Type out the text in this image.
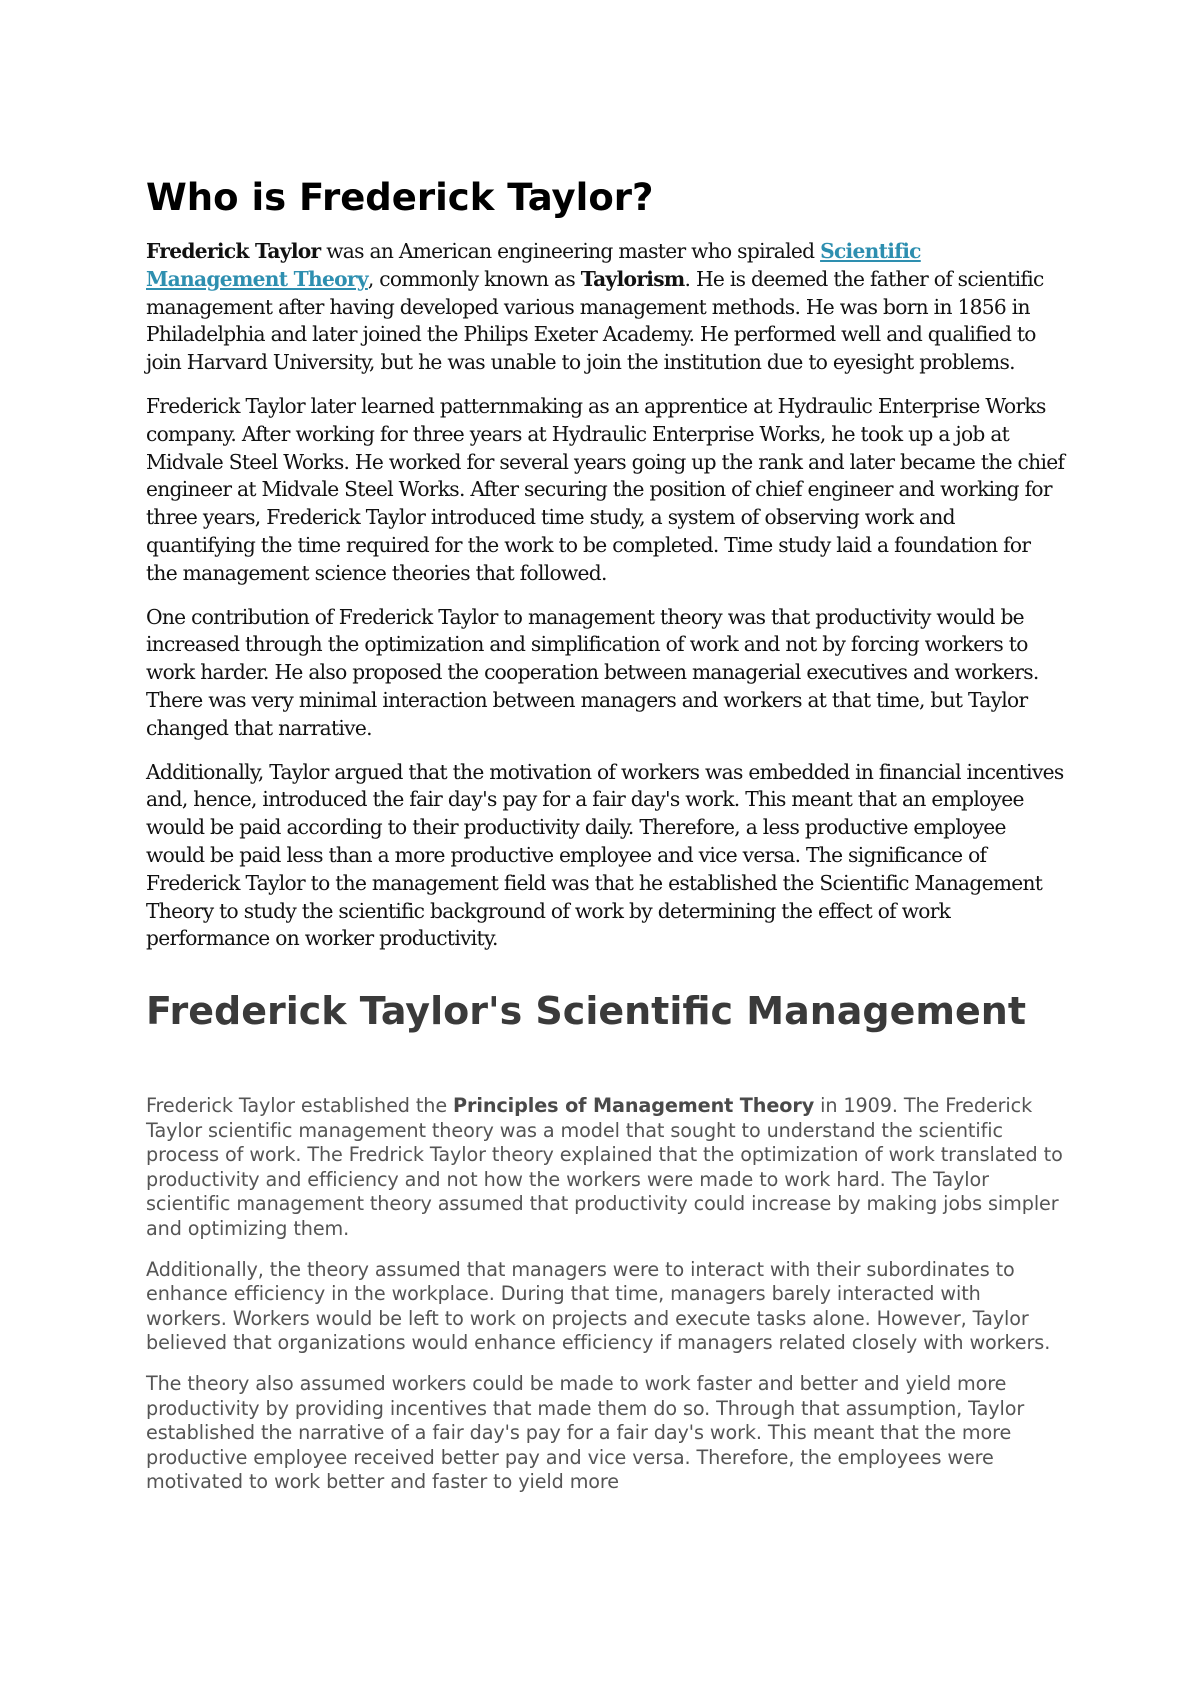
Who is Frederick Taylor?

Frederick Taylor was an American engineering master who spiraled Scientific Management Theory, commonly known as Taylorism. He is deemed the father of scientific management after having developed various management methods. He was born in 1856 in Philadelphia and later joined the Philips Exeter Academy. He performed well and qualified to join Harvard University, but he was unable to join the institution due to eyesight problems.

Frederick Taylor later learned patternmaking as an apprentice at Hydraulic Enterprise Works company. After working for three years at Hydraulic Enterprise Works, he took up a job at Midvale Steel Works. He worked for several years going up the rank and later became the chief engineer at Midvale Steel Works. After securing the position of chief engineer and working for three years, Frederick Taylor introduced time study, a system of observing work and quantifying the time required for the work to be completed. Time study laid a foundation for the management science theories that followed.

One contribution of Frederick Taylor to management theory was that productivity would be increased through the optimization and simplification of work and not by forcing workers to work harder. He also proposed the cooperation between managerial executives and workers. There was very minimal interaction between managers and workers at that time, but Taylor changed that narrative.

Additionally, Taylor argued that the motivation of workers was embedded in financial incentives and, hence, introduced the fair day's pay for a fair day's work. This meant that an employee would be paid according to their productivity daily. Therefore, a less productive employee would be paid less than a more productive employee and vice versa. The significance of Frederick Taylor to the management field was that he established the Scientific Management Theory to study the scientific background of work by determining the effect of work performance on worker productivity.

Frederick Taylor's Scientific Management

Frederick Taylor established the Principles of Management Theory in 1909. The Frederick Taylor scientific management theory was a model that sought to understand the scientific process of work. The Fredrick Taylor theory explained that the optimization of work translated to productivity and efficiency and not how the workers were made to work hard. The Taylor scientific management theory assumed that productivity could increase by making jobs simpler and optimizing them.

Additionally, the theory assumed that managers were to interact with their subordinates to enhance efficiency in the workplace. During that time, managers barely interacted with workers. Workers would be left to work on projects and execute tasks alone. However, Taylor believed that organizations would enhance efficiency if managers related closely with workers.

The theory also assumed workers could be made to work faster and better and yield more productivity by providing incentives that made them do so. Through that assumption, Taylor established the narrative of a fair day's pay for a fair day's work. This meant that the more productive employee received better pay and vice versa. Therefore, the employees were motivated to work better and faster to yield more
